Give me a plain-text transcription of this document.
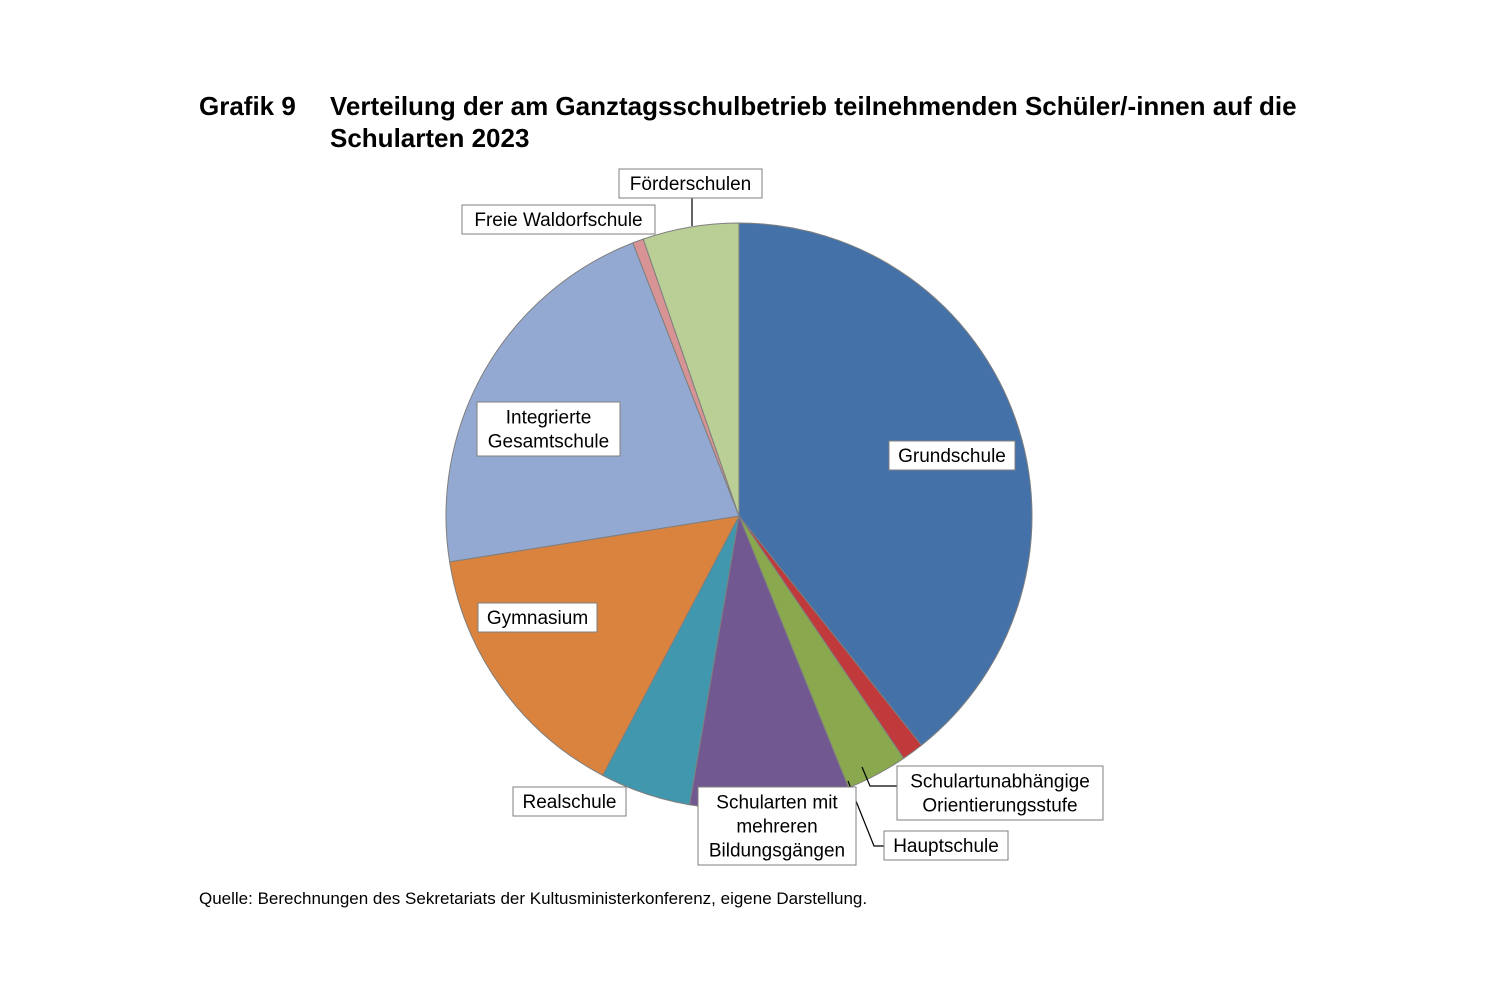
Grafik 9 Verteilung der am Ganztagsschulbetrieb teilnehmenden Schüler/-innen auf die Schularten 2023
Grundschule
Schulartunabhängige Orientierungsstufe
Hauptschule
Schularten mit mehreren Bildungsgängen
Realschule
Gymnasium
Integrierte Gesamtschule
Freie Waldorfschule
Förderschulen
Quelle: Berechnungen des Sekretariats der Kultusministerkonferenz, eigene Darstellung.
